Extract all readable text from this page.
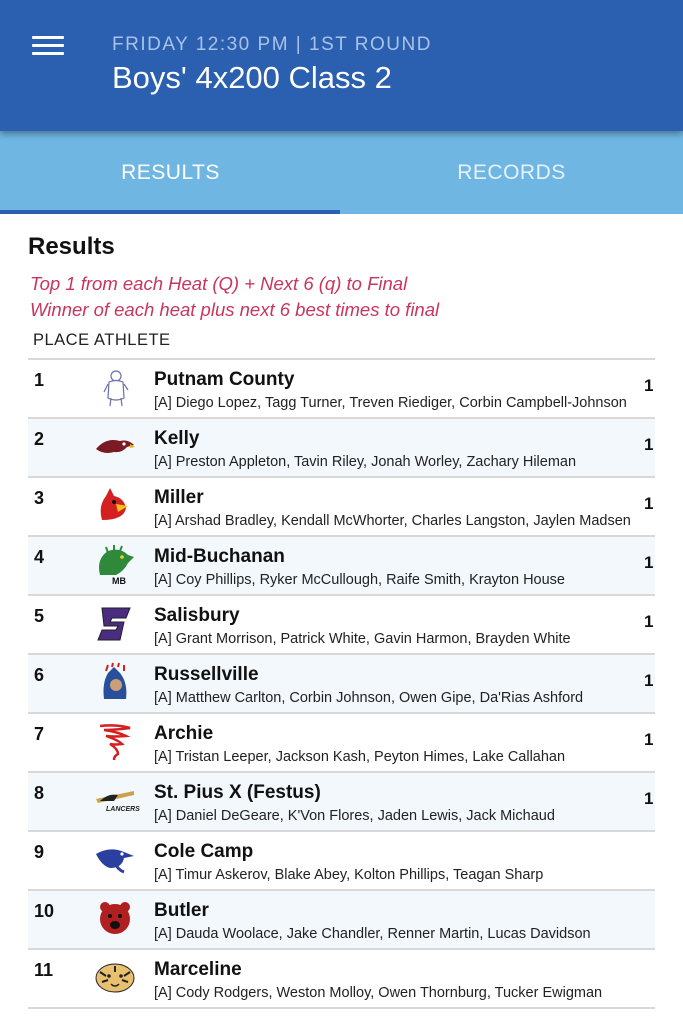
FRIDAY 12:30 PM | 1ST ROUND
Boys' 4x200 Class 2
RESULTS	RECORDS
Results
Top 1 from each Heat (Q) + Next 6 (q) to Final
Winner of each heat plus next 6 best times to final
PLACE ATHLETE
1	Putnam County
[A] Diego Lopez, Tagg Turner, Treven Riediger, Corbin Campbell-Johnson
1
2	Kelly
[A] Preston Appleton, Tavin Riley, Jonah Worley, Zachary Hileman
1
3	Miller
[A] Arshad Bradley, Kendall McWhorter, Charles Langston, Jaylen Madsen
1
4
MB
Mid-Buchanan
[A] Coy Phillips, Ryker McCullough, Raife Smith, Krayton House
1
5	Salisbury
[A] Grant Morrison, Patrick White, Gavin Harmon, Brayden White
1
6	Russellville
[A] Matthew Carlton, Corbin Johnson, Owen Gipe, Da'Rias Ashford
1
7	Archie
[A] Tristan Leeper, Jackson Kash, Peyton Himes, Lake Callahan
1
8
LANCERS
St. Pius X (Festus)
[A] Daniel DeGeare, K'Von Flores, Jaden Lewis, Jack Michaud
1
9	Cole Camp
[A] Timur Askerov, Blake Abey, Kolton Phillips, Teagan Sharp
10	Butler
[A] Dauda Woolace, Jake Chandler, Renner Martin, Lucas Davidson
11	Marceline
[A] Cody Rodgers, Weston Molloy, Owen Thornburg, Tucker Ewigman
